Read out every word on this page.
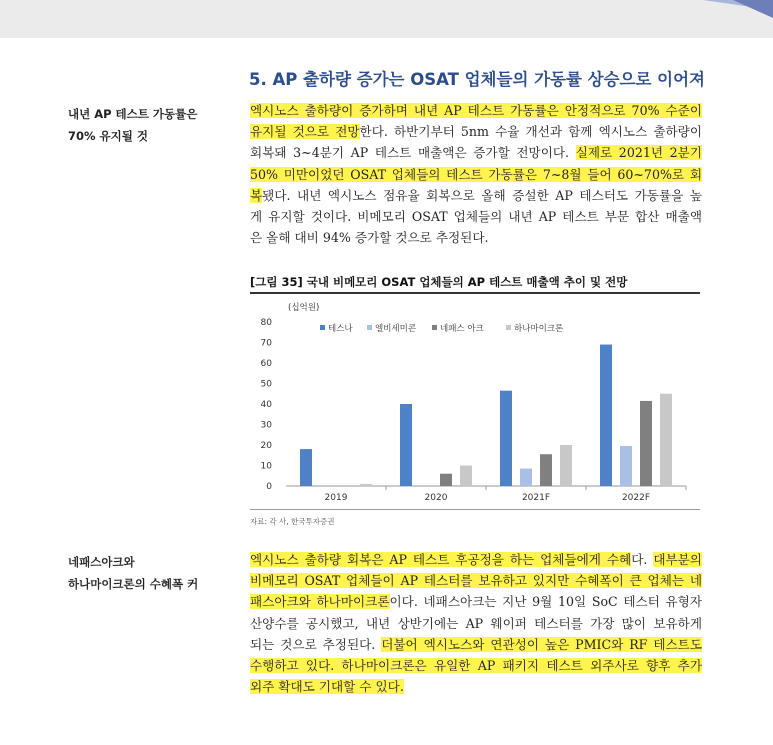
5. AP 출하량 증가는 OSAT 업체들의 가동률 상승으로 이어져
내년 AP 테스트 가동률은
70% 유지될 것
엑시노스 출하량이 증가하며 내년 AP 테스트 가동률은 안정적으로 70% 수준이
유지될 것으로 전망한다. 하반기부터 5nm 수율 개선과 함께 엑시노스 출하량이
회복돼 3~4분기 AP 테스트 매출액은 증가할 전망이다. 실제로 2021년 2분기
50% 미만이었던 OSAT 업체들의 테스트 가동률은 7~8월 들어 60~70%로 회
복됐다. 내년 엑시노스 점유율 회복으로 올해 증설한 AP 테스터도 가동률을 높
게 유지할 것이다. 비메모리 OSAT 업체들의 내년 AP 테스트 부문 합산 매출액
은 올해 대비 94% 증가할 것으로 추정된다.
[그림 35] 국내 비메모리 OSAT 업체들의 AP 테스트 매출액 추이 및 전망
(십억원)
0
10
20
30
40
50
60
70
80
2019	2020	2021F	2022F
테스나	엘비세미콘	네패스 아크	하나마이크론
자료: 각 사, 한국투자증권
네패스아크와
하나마이크론의 수혜폭 커
엑시노스 출하량 회복은 AP 테스트 후공정을 하는 업체들에게 수혜다. 대부분의
비메모리 OSAT 업체들이 AP 테스터를 보유하고 있지만 수혜폭이 큰 업체는 네
패스아크와 하나마이크론이다. 네패스아크는 지난 9월 10일 SoC 테스터 유형자
산양수를 공시했고, 내년 상반기에는 AP 웨이퍼 테스터를 가장 많이 보유하게
되는 것으로 추정된다. 더불어 엑시노스와 연관성이 높은 PMIC와 RF 테스트도
수행하고 있다. 하나마이크론은 유일한 AP 패키지 테스트 외주사로 향후 추가
외주 확대도 기대할 수 있다.
